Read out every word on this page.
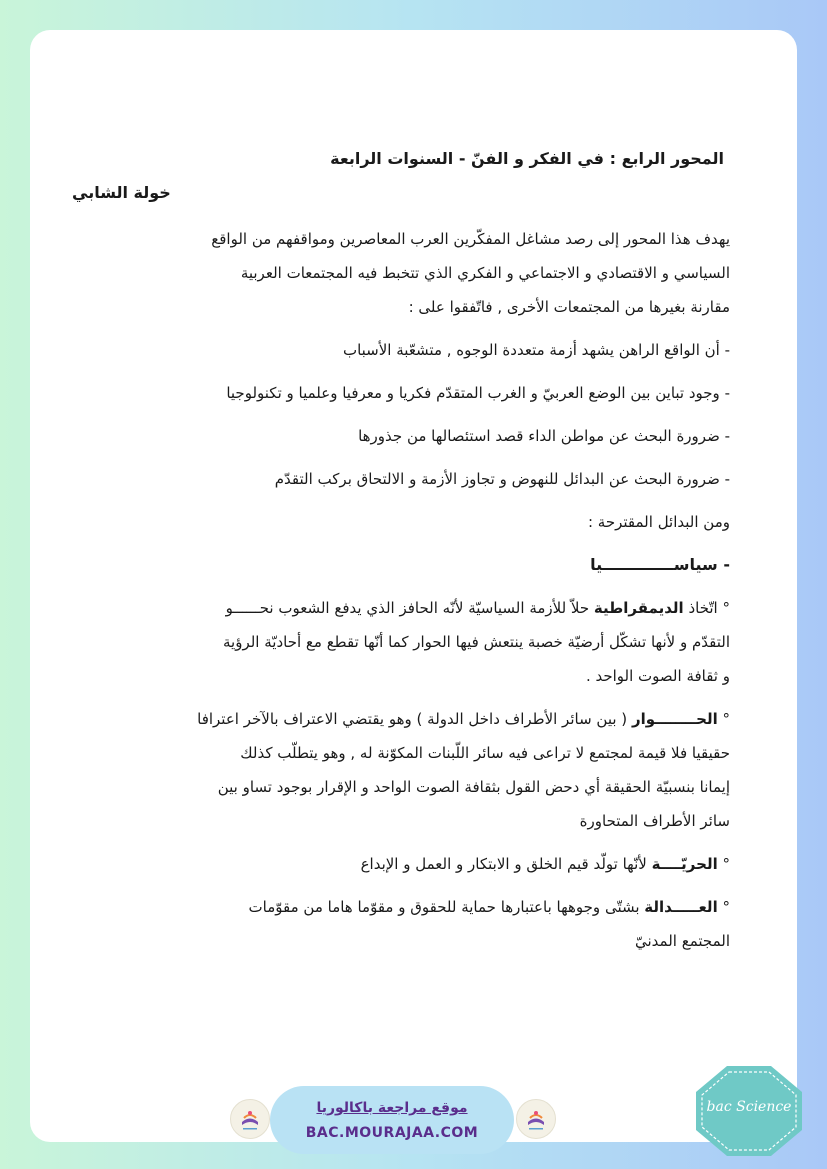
المحور الرابع : في الفكر و الفنّ - السنوات الرابعة

خولة الشابي

يهدف هذا المحور إلى رصد مشاغل المفكّرين العرب المعاصرين ومواقفهم من الواقع

السياسي و الاقتصادي و الاجتماعي و الفكري الذي تتخبط فيه المجتمعات العربية

مقارنة بغيرها من المجتمعات الأخرى , فاتّفقوا على :

- أن الواقع الراهن يشهد أزمة متعددة الوجوه , متشعّبة الأسباب

- وجود تباين بين الوضع العربيّ و الغرب المتقدّم فكريا و معرفيا وعلميا و تكنولوجيا

- ضرورة البحث عن مواطن الداء قصد استئصالها من جذورها

- ضرورة البحث عن البدائل للنهوض و تجاوز الأزمة و الالتحاق بركب التقدّم

ومن البدائل المقترحة :

- سياســـــــــــــيا

° اتّخاذ الديمقراطية حلاّ للأزمة السياسيّة لأنّه الحافز الذي يدفع الشعوب نحــــــو

التقدّم و لأنها تشكّل أرضيّة خصبة ينتعش فيها الحوار كما أنّها تقطع مع أحاديّة الرؤية

و ثقافة الصوت الواحد .

° الحــــــــوار ( بين سائر الأطراف داخل الدولة ) وهو يقتضي الاعتراف بالآخر اعترافا

حقيقيا فلا قيمة لمجتمع لا تراعى فيه سائر اللّبنات المكوّنة له , وهو يتطلّب كذلك

إيمانا بنسبيّة الحقيقة أي دحض القول بثقافة الصوت الواحد و الإقرار بوجود تساو بين

سائر الأطراف المتحاورة

° الحريّــــة لأنّها تولّد قيم الخلق و الابتكار و العمل و الإبداع

° العـــــدالة بشتّى وجوهها باعتبارها حماية للحقوق و مقوّما هاما من مقوّمات

المجتمع المدنيّ

موقع مراجعة باكالوريا
BAC.MOURAJAA.COM
bac Science
